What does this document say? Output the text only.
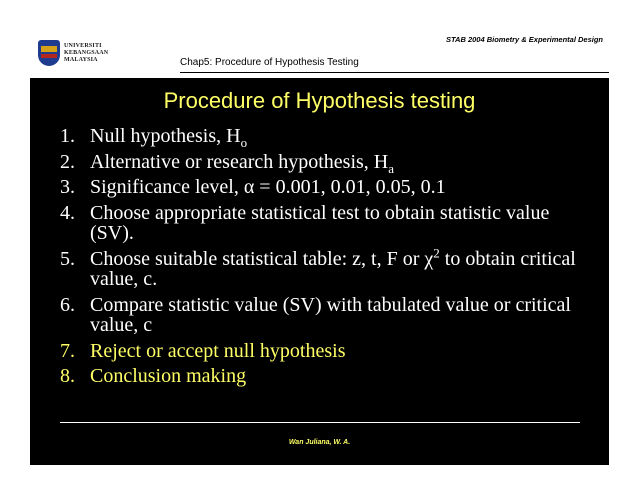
UNIVERSITI
KEBANGSAAN
MALAYSIA
STAB 2004 Biometry & Experimental Design
Chap5: Procedure of Hypothesis Testing
Procedure of Hypothesis testing
1. Null hypothesis, $H_o$
2. Alternative or research hypothesis, $H_a$
3. Significance level, α = 0.001, 0.01, 0.05, 0.1
4. Choose appropriate statistical test to obtain statistic value (SV).
5. Choose suitable statistical table: z, t, F or $\chi^2$ to obtain critical value, c.
6. Compare statistic value (SV) with tabulated value or critical value, c
7. Reject or accept null hypothesis
8. Conclusion making
Wan Juliana, W. A.
